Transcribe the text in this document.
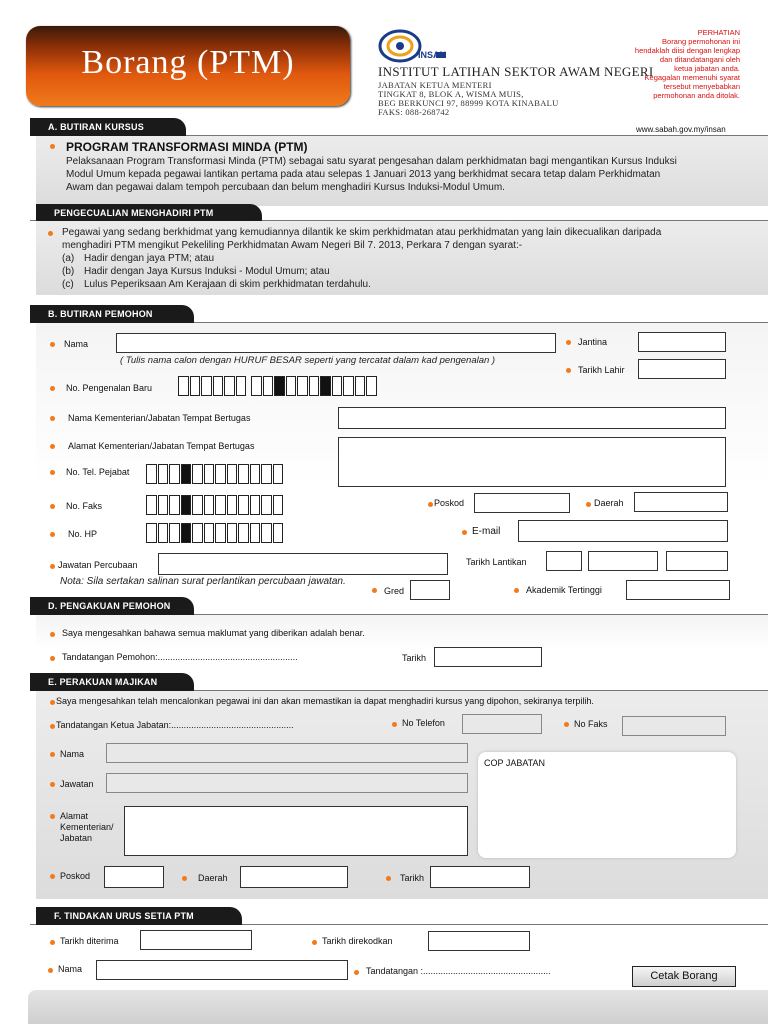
Borang (PTM)	INSAN
INSTITUT LATIHAN SEKTOR AWAM NEGERI
JABATAN KETUA MENTERI
TINGKAT 8, BLOK A, WISMA MUIS,
BEG BERKUNCI 97, 88999 KOTA KINABALU
FAKS: 088-268742
PERHATIAN
Borang permohonan ini
hendaklah diisi dengan lengkap
dan ditandatangani oleh
ketua jabatan anda.
Kegagalan memenuhi syarat
tersebut menyebabkan
permohonan anda ditolak.
A. BUTIRAN KURSUS	www.sabah.gov.my/insan
PROGRAM TRANSFORMASI MINDA (PTM)
Pelaksanaan Program Transformasi Minda (PTM) sebagai satu syarat pengesahan dalam perkhidmatan bagi mengantikan Kursus Induksi
Modul Umum kepada pegawai lantikan pertama pada atau selepas 1 Januari 2013 yang berkhidmat secara tetap dalam Perkhidmatan
Awam dan pegawai dalam tempoh percubaan dan belum menghadiri Kursus Induksi-Modul Umum.
PENGECUALIAN MENGHADIRI PTM
Pegawai yang sedang berkhidmat yang kemudiannya dilantik ke skim perkhidmatan atau perkhidmatan yang lain dikecualikan daripada
menghadiri PTM mengikut Pekeliling Perkhidmatan Awam Negeri Bil 7. 2013, Perkara 7 dengan syarat:-
(a) Hadir dengan jaya PTM; atau
(b) Hadir dengan Jaya Kursus Induksi - Modul Umum; atau
(c) Lulus Peperiksaan Am Kerajaan di skim perkhidmatan terdahulu.
B. BUTIRAN PEMOHON
Nama
( Tulis nama calon dengan HURUF BESAR seperti yang tercatat dalam kad pengenalan )
Jantina
Tarikh Lahir
No. Pengenalan Baru
Nama Kementerian/Jabatan Tempat Bertugas
Alamat Kementerian/Jabatan Tempat Bertugas
No. Tel. Pejabat
No. Faks	Poskod	Daerah
No. HP	E-mail
Jawatan Percubaan	Tarikh Lantikan
Nota: Sila sertakan salinan surat perlantikan percubaan jawatan.
Gred	Akademik Tertinggi
D. PENGAKUAN PEMOHON
Saya mengesahkan bahawa semua maklumat yang diberikan adalah benar.
Tandatangan Pemohon:........................................................	Tarikh
E. PERAKUAN MAJIKAN
Saya mengesahkan telah mencalonkan pegawai ini dan akan memastikan ia dapat menghadiri kursus yang dipohon, sekiranya terpilih.
Tandatangan Ketua Jabatan:.................................................	No Telefon	No Faks
Nama
Jawatan
Alamat
Kementerian/
Jabatan
COP JABATAN
Poskod	Daerah	Tarikh
F. TINDAKAN URUS SETIA PTM
Tarikh diterima	Tarikh direkodkan
Nama	Tandatangan :...................................................	Cetak Borang
